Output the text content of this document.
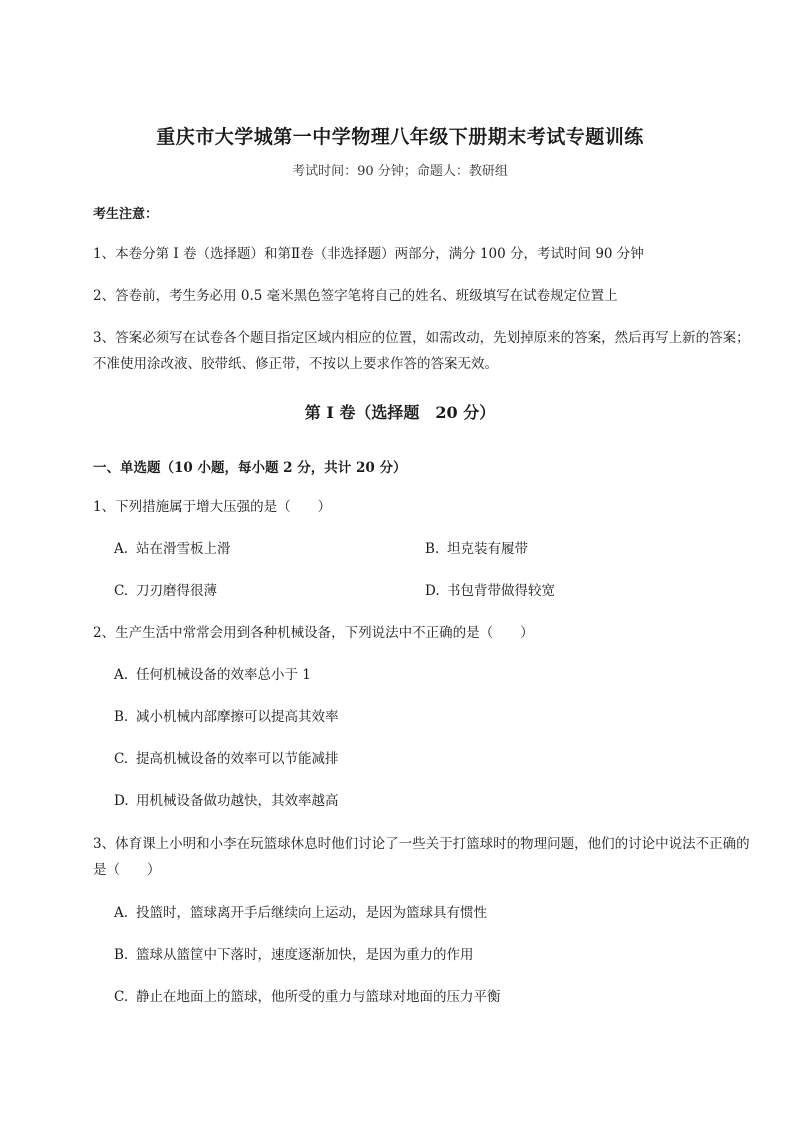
重庆市大学城第一中学物理八年级下册期末考试专题训练
考试时间：90 分钟；命题人：教研组
考生注意：
1、本卷分第 I 卷（选择题）和第Ⅱ卷（非选择题）两部分，满分 100 分，考试时间 90 分钟
2、答卷前，考生务必用 0.5 毫米黑色签字笔将自己的姓名、班级填写在试卷规定位置上
3、答案必须写在试卷各个题目指定区域内相应的位置，如需改动，先划掉原来的答案，然后再写上新的答案；不准使用涂改液、胶带纸、修正带，不按以上要求作答的答案无效。
第 I 卷（选择题　20 分）
一、单选题（10 小题，每小题 2 分，共计 20 分）
1、下列措施属于增大压强的是（　　）
A. 站在滑雪板上滑	B. 坦克装有履带
C. 刀刃磨得很薄	D. 书包背带做得较宽
2、生产生活中常常会用到各种机械设备，下列说法中不正确的是（　　）
A. 任何机械设备的效率总小于 1
B. 减小机械内部摩擦可以提高其效率
C. 提高机械设备的效率可以节能减排
D. 用机械设备做功越快，其效率越高
3、体育课上小明和小李在玩篮球休息时他们讨论了一些关于打篮球时的物理问题，他们的讨论中说法不正确的是（　　）
A. 投篮时，篮球离开手后继续向上运动，是因为篮球具有惯性
B. 篮球从篮筐中下落时，速度逐渐加快，是因为重力的作用
C. 静止在地面上的篮球，他所受的重力与篮球对地面的压力平衡
